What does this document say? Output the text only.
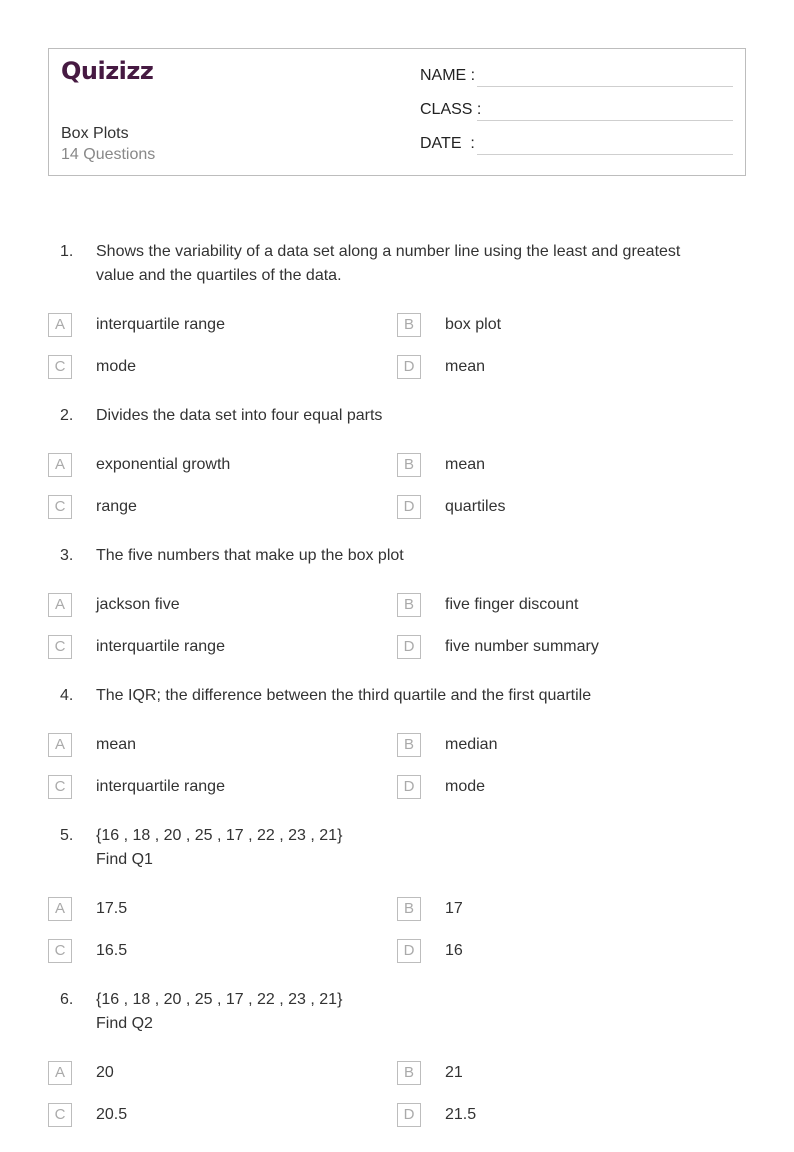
Quizizz
Box Plots
14 Questions
NAME :
CLASS :
DATE  :
1. Shows the variability of a data set along a number line using the least and greatest value and the quartiles of the data.
A	interquartile range	B	box plot
C	mode	D	mean
2. Divides the data set into four equal parts
A	exponential growth	B	mean
C	range	D	quartiles
3. The five numbers that make up the box plot
A	jackson five	B	five finger discount
C	interquartile range	D	five number summary
4. The IQR; the difference between the third quartile and the first quartile
A	mean	B	median
C	interquartile range	D	mode
5. {16 , 18 , 20 , 25 , 17 , 22 , 23 , 21}
Find Q1
A	17.5	B	17
C	16.5	D	16
6. {16 , 18 , 20 , 25 , 17 , 22 , 23 , 21}
Find Q2
A	20	B	21
C	20.5	D	21.5
